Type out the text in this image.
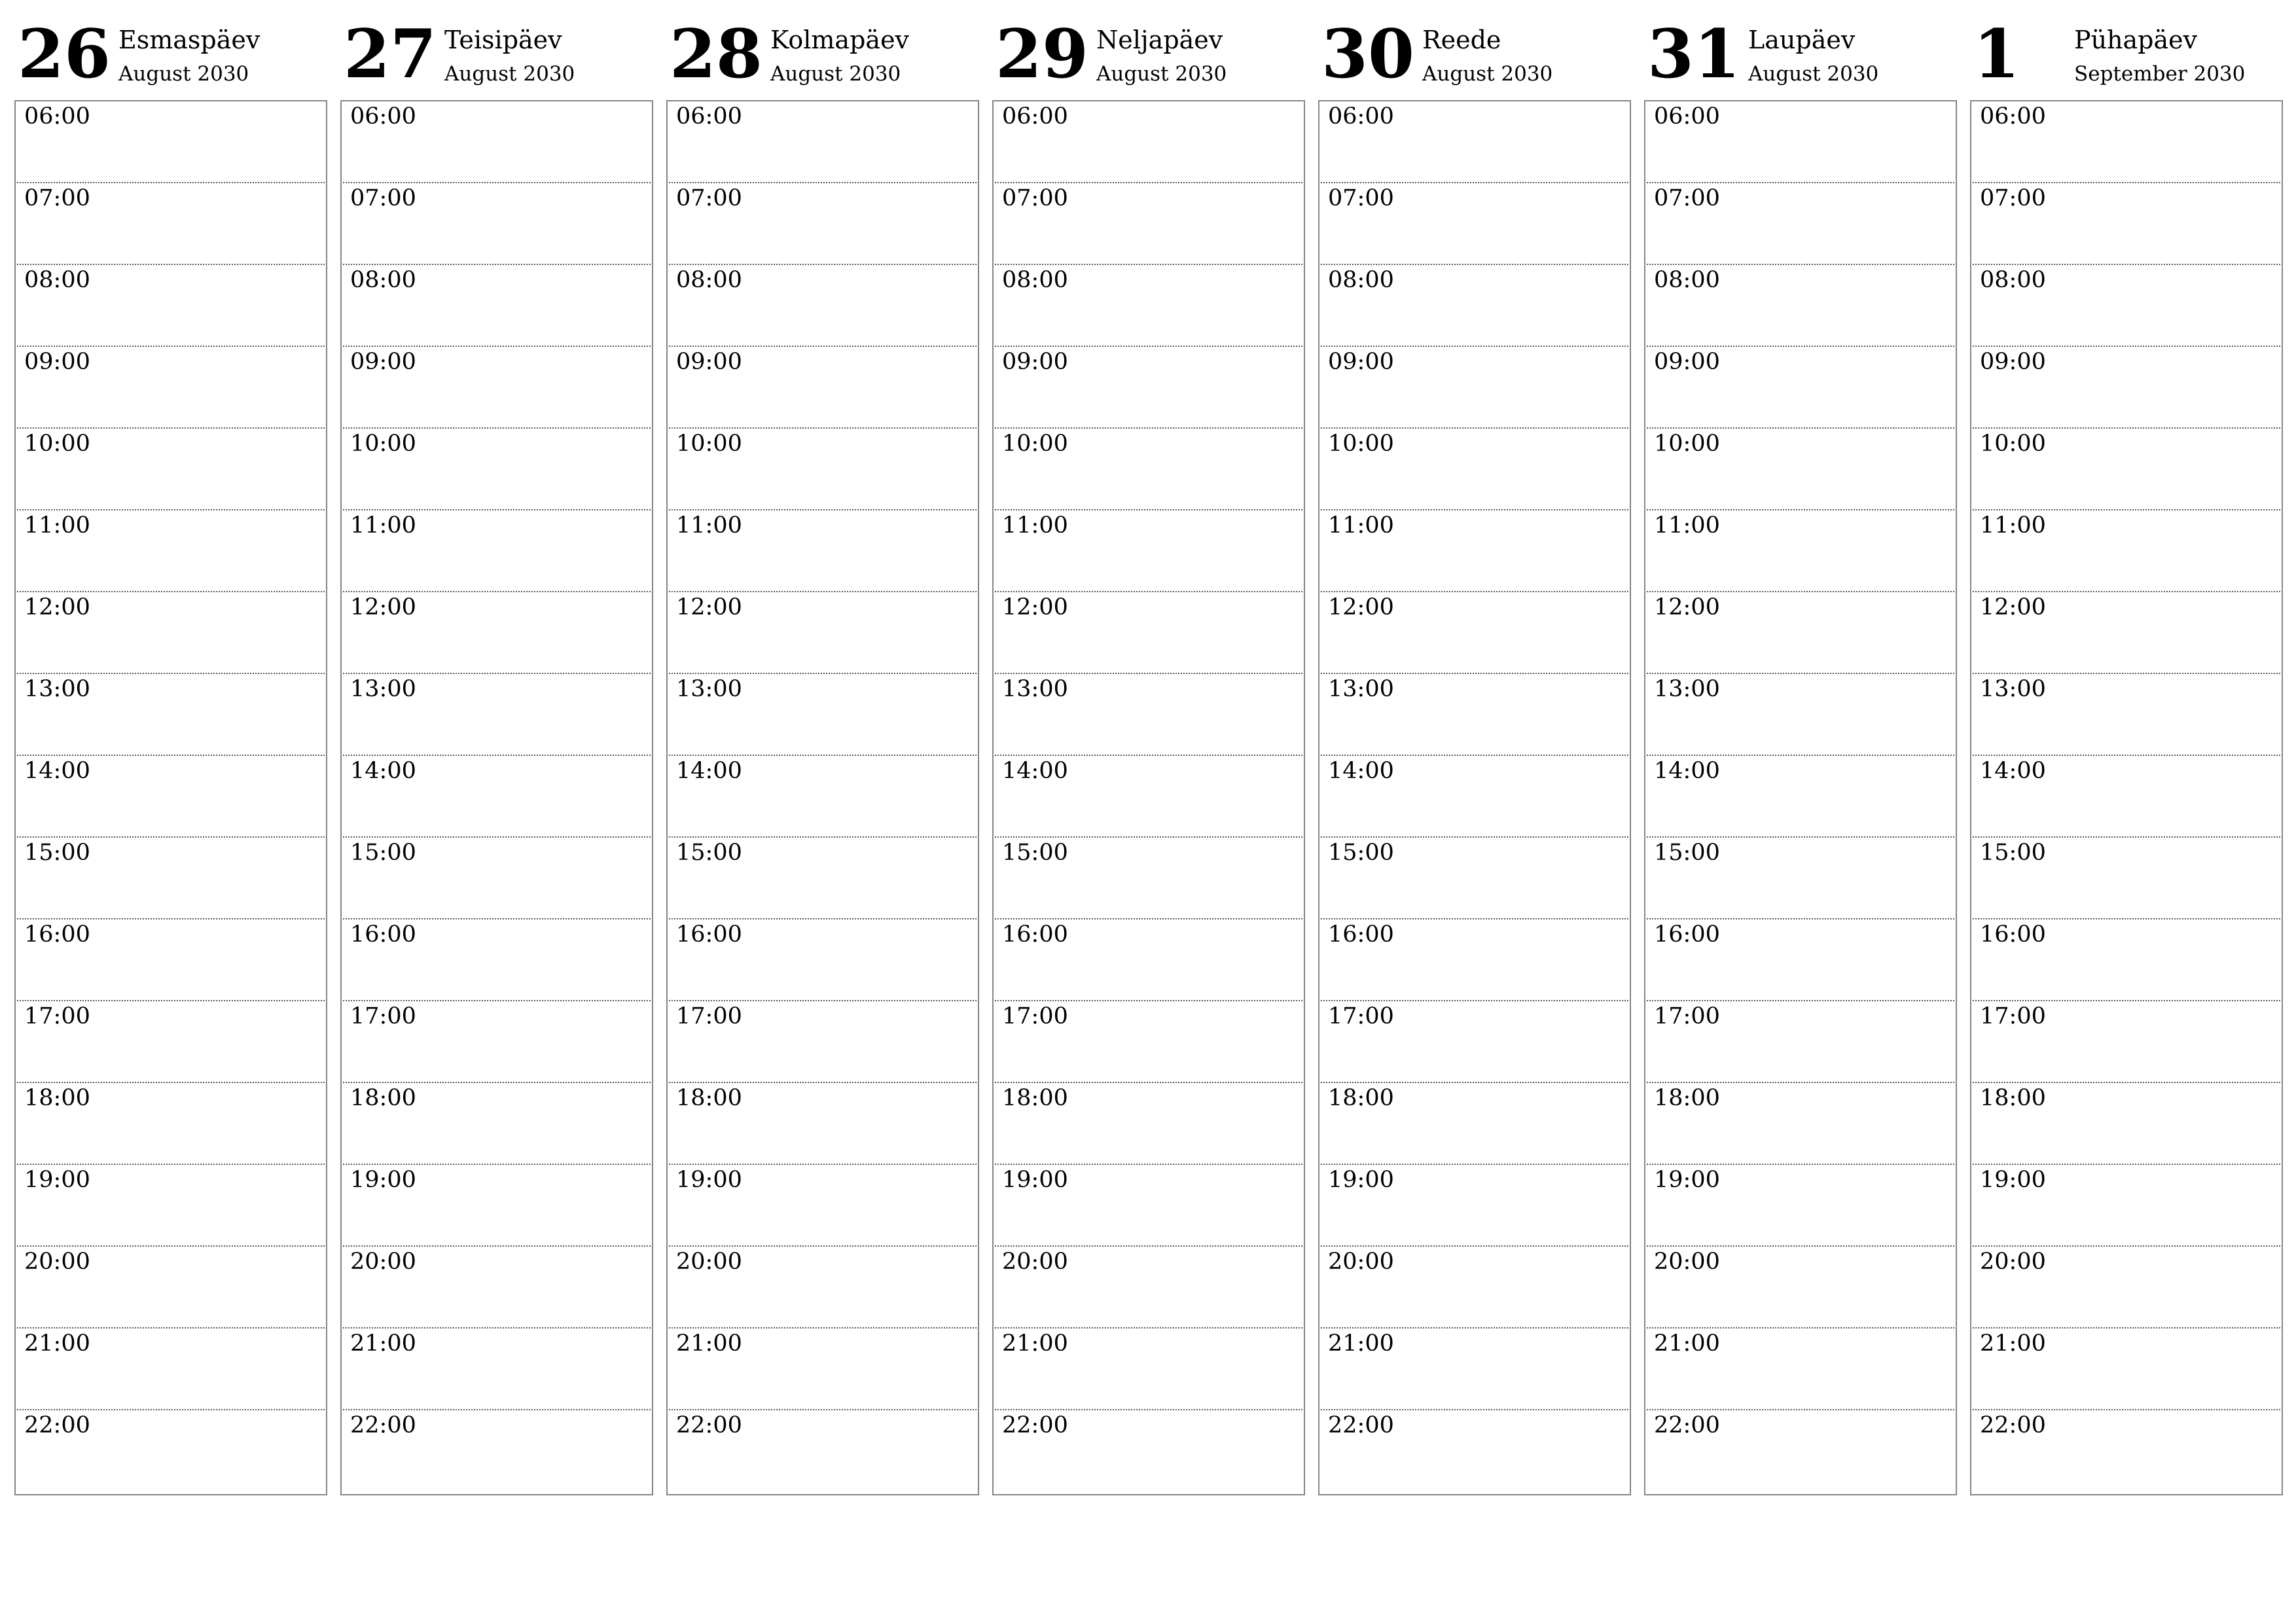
26 Esmaspäev
August 2030
06:00
07:00
08:00
09:00
10:00
11:00
12:00
13:00
14:00
15:00
16:00
17:00
18:00
19:00
20:00
21:00
22:00
27 Teisipäev
August 2030
06:00
07:00
08:00
09:00
10:00
11:00
12:00
13:00
14:00
15:00
16:00
17:00
18:00
19:00
20:00
21:00
22:00
28 Kolmapäev
August 2030
06:00
07:00
08:00
09:00
10:00
11:00
12:00
13:00
14:00
15:00
16:00
17:00
18:00
19:00
20:00
21:00
22:00
29 Neljapäev
August 2030
06:00
07:00
08:00
09:00
10:00
11:00
12:00
13:00
14:00
15:00
16:00
17:00
18:00
19:00
20:00
21:00
22:00
30 Reede
August 2030
06:00
07:00
08:00
09:00
10:00
11:00
12:00
13:00
14:00
15:00
16:00
17:00
18:00
19:00
20:00
21:00
22:00
31 Laupäev
August 2030
06:00
07:00
08:00
09:00
10:00
11:00
12:00
13:00
14:00
15:00
16:00
17:00
18:00
19:00
20:00
21:00
22:00
1 Pühapäev
September 2030
06:00
07:00
08:00
09:00
10:00
11:00
12:00
13:00
14:00
15:00
16:00
17:00
18:00
19:00
20:00
21:00
22:00
